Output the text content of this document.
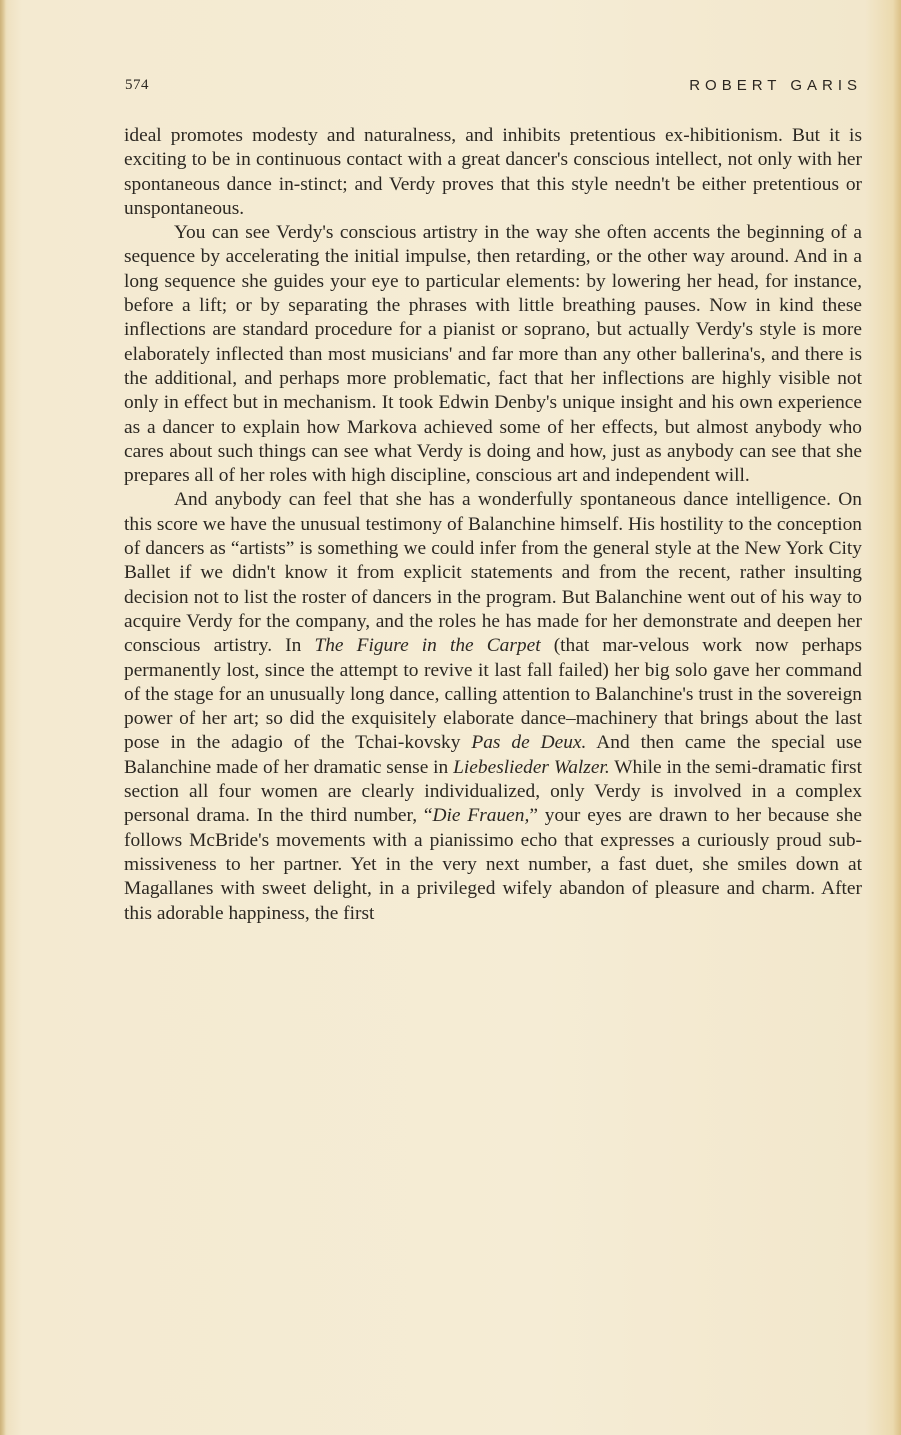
574	ROBERT GARIS

ideal promotes modesty and naturalness, and inhibits pretentious ex-hibitionism. But it is exciting to be in continuous contact with a great dancer's conscious intellect, not only with her spontaneous dance in-stinct; and Verdy proves that this style needn't be either pretentious or unspontaneous.

You can see Verdy's conscious artistry in the way she often accents the beginning of a sequence by accelerating the initial impulse, then retarding, or the other way around. And in a long sequence she guides your eye to particular elements: by lowering her head, for instance, before a lift; or by separating the phrases with little breathing pauses. Now in kind these inflections are standard procedure for a pianist or soprano, but actually Verdy's style is more elaborately inflected than most musicians' and far more than any other ballerina's, and there is the additional, and perhaps more problematic, fact that her inflections are highly visible not only in effect but in mechanism. It took Edwin Denby's unique insight and his own experience as a dancer to explain how Markova achieved some of her effects, but almost anybody who cares about such things can see what Verdy is doing and how, just as anybody can see that she prepares all of her roles with high discipline, conscious art and independent will.

And anybody can feel that she has a wonderfully spontaneous dance intelligence. On this score we have the unusual testimony of Balanchine himself. His hostility to the conception of dancers as “artists” is something we could infer from the general style at the New York City Ballet if we didn't know it from explicit statements and from the recent, rather insulting decision not to list the roster of dancers in the program. But Balanchine went out of his way to acquire Verdy for the company, and the roles he has made for her demonstrate and deepen her conscious artistry. In The Figure in the Carpet (that mar-velous work now perhaps permanently lost, since the attempt to revive it last fall failed) her big solo gave her command of the stage for an unusually long dance, calling attention to Balanchine's trust in the sovereign power of her art; so did the exquisitely elaborate dance–machinery that brings about the last pose in the adagio of the Tchai-kovsky Pas de Deux. And then came the special use Balanchine made of her dramatic sense in Liebeslieder Walzer. While in the semi-dramatic first section all four women are clearly individualized, only Verdy is involved in a complex personal drama. In the third number, “Die Frauen,” your eyes are drawn to her because she follows McBride's movements with a pianissimo echo that expresses a curiously proud sub-missiveness to her partner. Yet in the very next number, a fast duet, she smiles down at Magallanes with sweet delight, in a privileged wifely abandon of pleasure and charm. After this adorable happiness, the first
